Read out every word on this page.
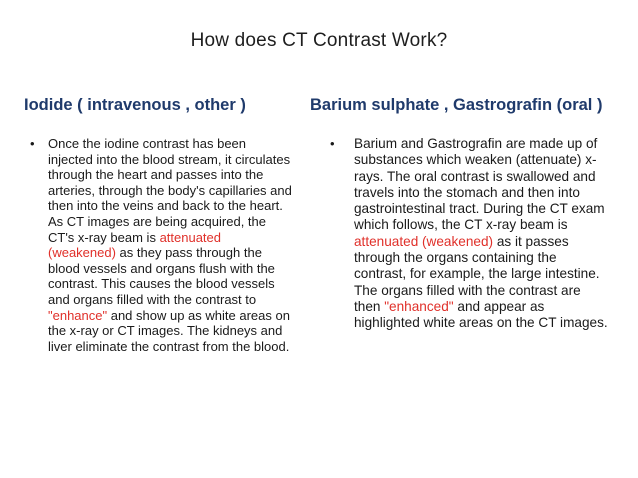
How does CT Contrast Work?
Iodide ( intravenous , other )	Barium sulphate , Gastrografin (oral )
• Once the iodine contrast has been injected into the blood stream, it circulates through the heart and passes into the arteries, through the body's capillaries and then into the veins and back to the heart. As CT images are being acquired, the CT's x-ray beam is attenuated (weakened) as they pass through the blood vessels and organs flush with the contrast. This causes the blood vessels and organs filled with the contrast to "enhance" and show up as white areas on the x-ray or CT images. The kidneys and liver eliminate the contrast from the blood.
• Barium and Gastrografin are made up of substances which weaken (attenuate) x-rays. The oral contrast is swallowed and travels into the stomach and then into gastrointestinal tract. During the CT exam which follows, the CT x-ray beam is attenuated (weakened) as it passes through the organs containing the contrast, for example, the large intestine. The organs filled with the contrast are then "enhanced" and appear as highlighted white areas on the CT images.
